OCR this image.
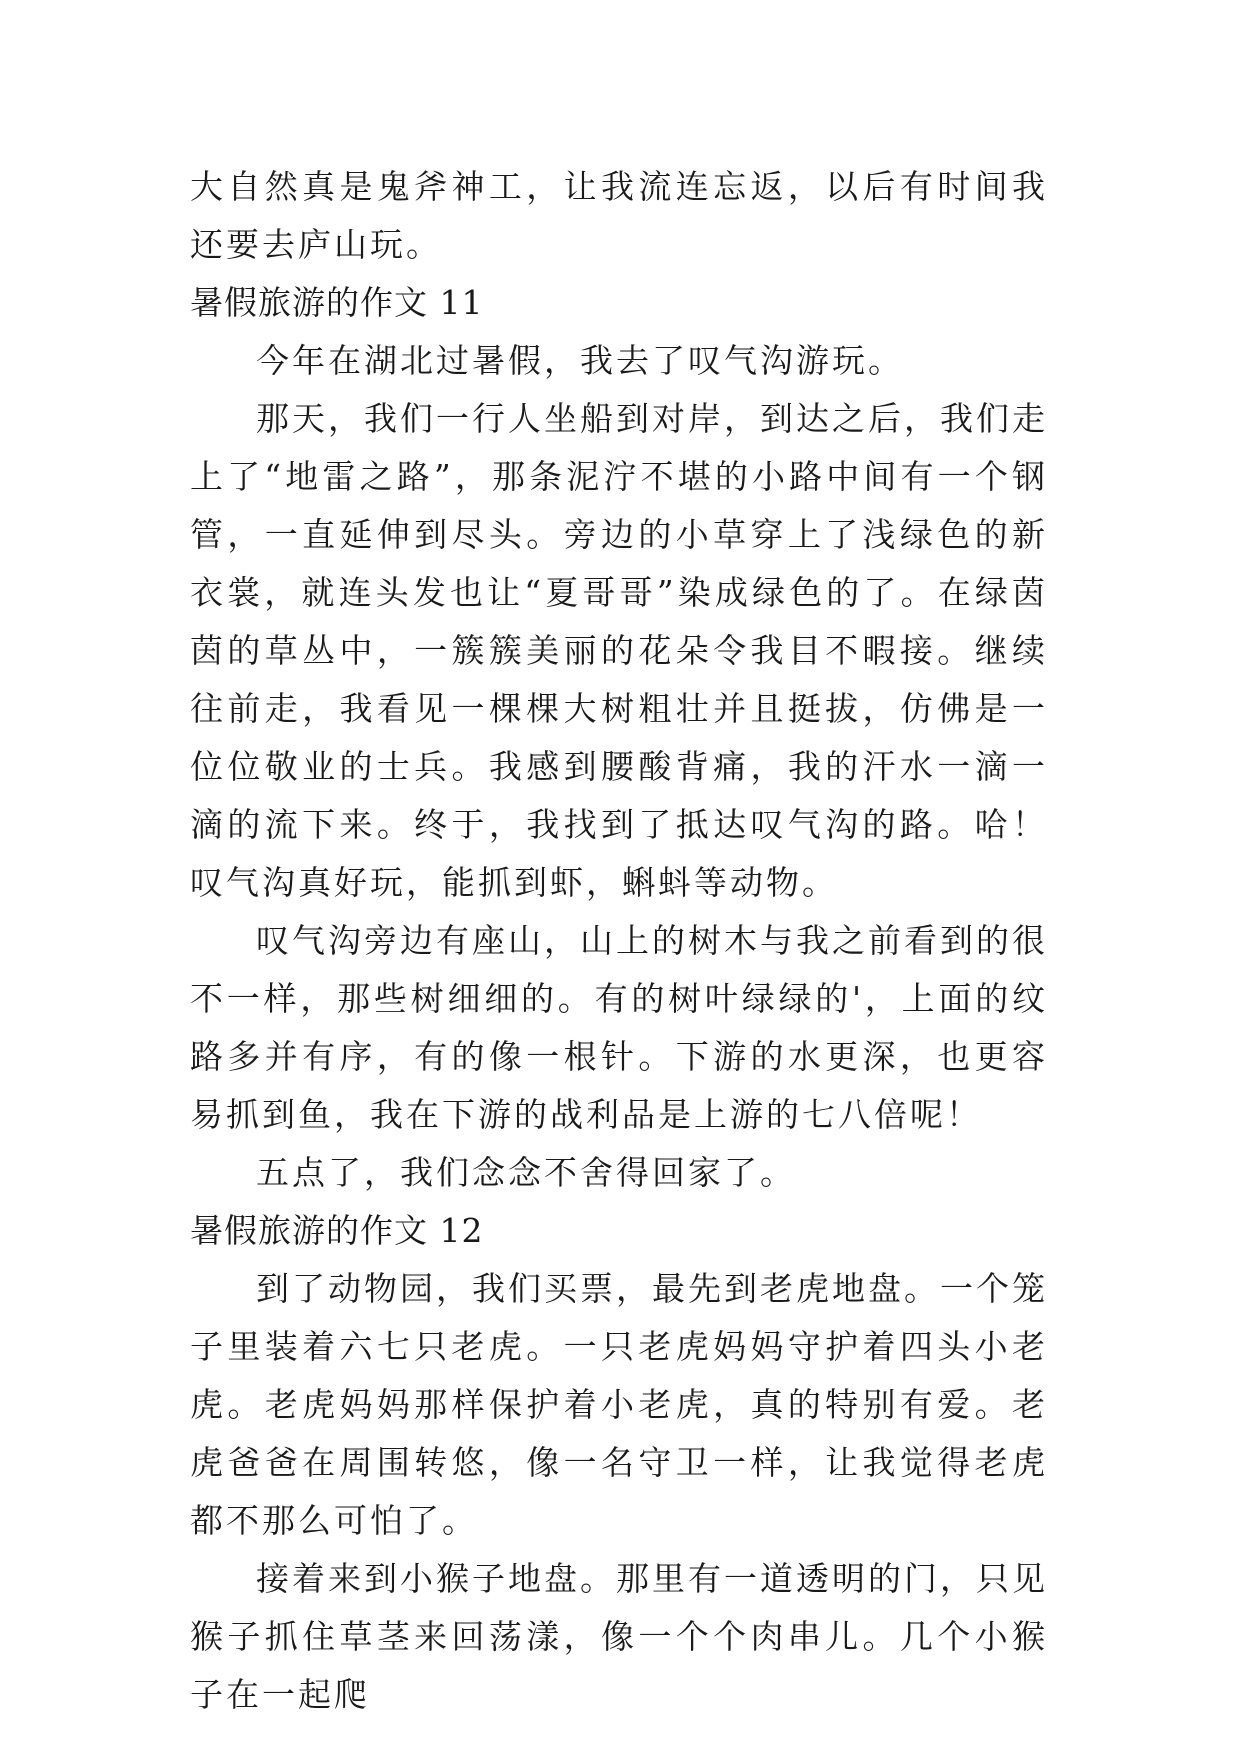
大自然真是鬼斧神工，让我流连忘返，以后有时间我还要去庐山玩。

暑假旅游的作文 11

今年在湖北过暑假，我去了叹气沟游玩。

那天，我们一行人坐船到对岸，到达之后，我们走上了“地雷之路”，那条泥泞不堪的小路中间有一个钢管，一直延伸到尽头。旁边的小草穿上了浅绿色的新衣裳，就连头发也让“夏哥哥”染成绿色的了。在绿茵茵的草丛中，一簇簇美丽的花朵令我目不暇接。继续往前走，我看见一棵棵大树粗壮并且挺拔，仿佛是一位位敬业的士兵。我感到腰酸背痛，我的汗水一滴一滴的流下来。终于，我找到了抵达叹气沟的路。哈！叹气沟真好玩，能抓到虾，蝌蚪等动物。

叹气沟旁边有座山，山上的树木与我之前看到的很不一样，那些树细细的。有的树叶绿绿的'，上面的纹路多并有序，有的像一根针。下游的水更深，也更容易抓到鱼，我在下游的战利品是上游的七八倍呢！

五点了，我们念念不舍得回家了。

暑假旅游的作文 12

到了动物园，我们买票，最先到老虎地盘。一个笼子里装着六七只老虎。一只老虎妈妈守护着四头小老虎。老虎妈妈那样保护着小老虎，真的特别有爱。老虎爸爸在周围转悠，像一名守卫一样，让我觉得老虎都不那么可怕了。

接着来到小猴子地盘。那里有一道透明的门，只见猴子抓住草茎来回荡漾，像一个个肉串儿。几个小猴子在一起爬
